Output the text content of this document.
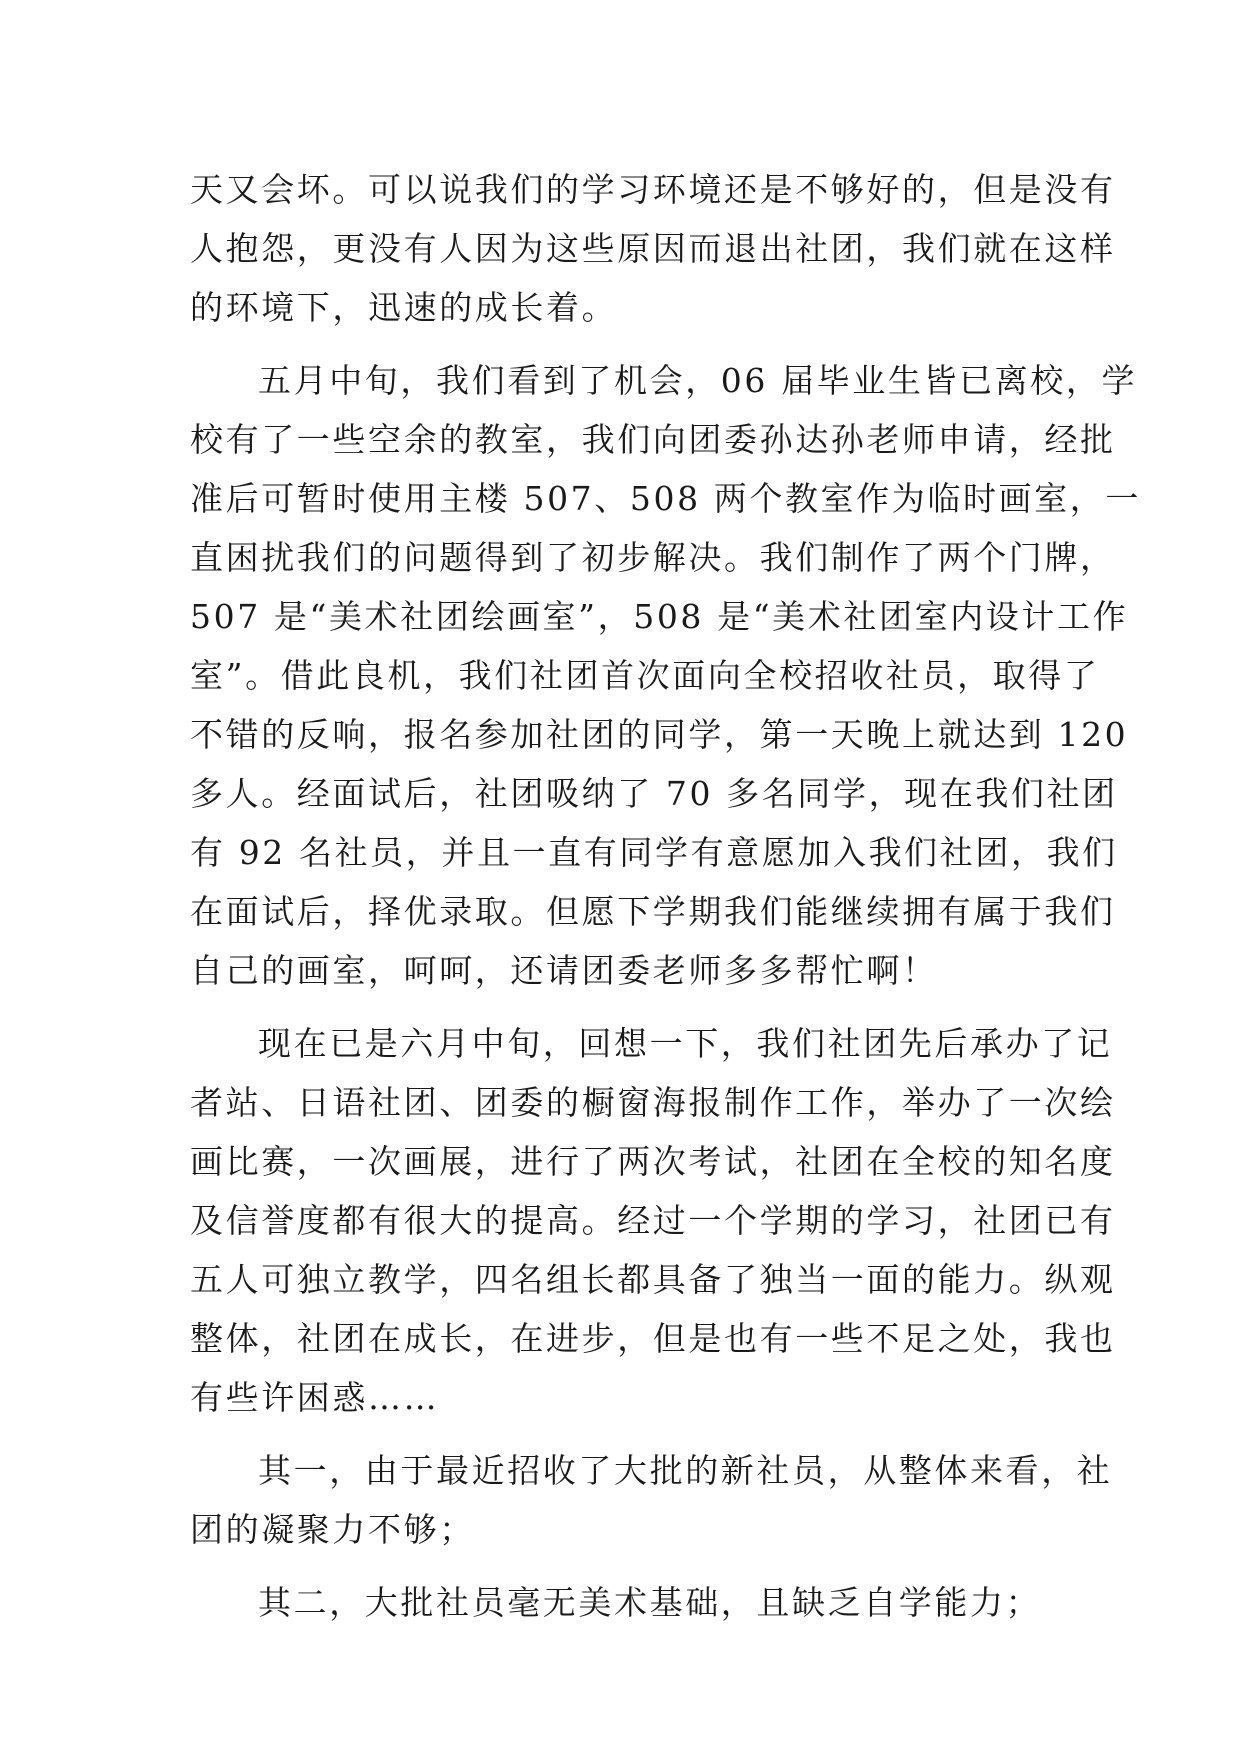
天又会坏。可以说我们的学习环境还是不够好的，但是没有
人抱怨，更没有人因为这些原因而退出社团，我们就在这样
的环境下，迅速的成长着。
五月中旬，我们看到了机会，06 届毕业生皆已离校，学
校有了一些空余的教室，我们向团委孙达孙老师申请，经批
准后可暂时使用主楼 507、508 两个教室作为临时画室，一
直困扰我们的问题得到了初步解决。我们制作了两个门牌，
507 是“美术社团绘画室”，508 是“美术社团室内设计工作
室”。借此良机，我们社团首次面向全校招收社员，取得了
不错的反响，报名参加社团的同学，第一天晚上就达到 120
多人。经面试后，社团吸纳了 70 多名同学，现在我们社团
有 92 名社员，并且一直有同学有意愿加入我们社团，我们
在面试后，择优录取。但愿下学期我们能继续拥有属于我们
自己的画室，呵呵，还请团委老师多多帮忙啊！
现在已是六月中旬，回想一下，我们社团先后承办了记
者站、日语社团、团委的橱窗海报制作工作，举办了一次绘
画比赛，一次画展，进行了两次考试，社团在全校的知名度
及信誉度都有很大的提高。经过一个学期的学习，社团已有
五人可独立教学，四名组长都具备了独当一面的能力。纵观
整体，社团在成长，在进步，但是也有一些不足之处，我也
有些许困惑……
其一，由于最近招收了大批的新社员，从整体来看，社
团的凝聚力不够；
其二，大批社员毫无美术基础，且缺乏自学能力；
